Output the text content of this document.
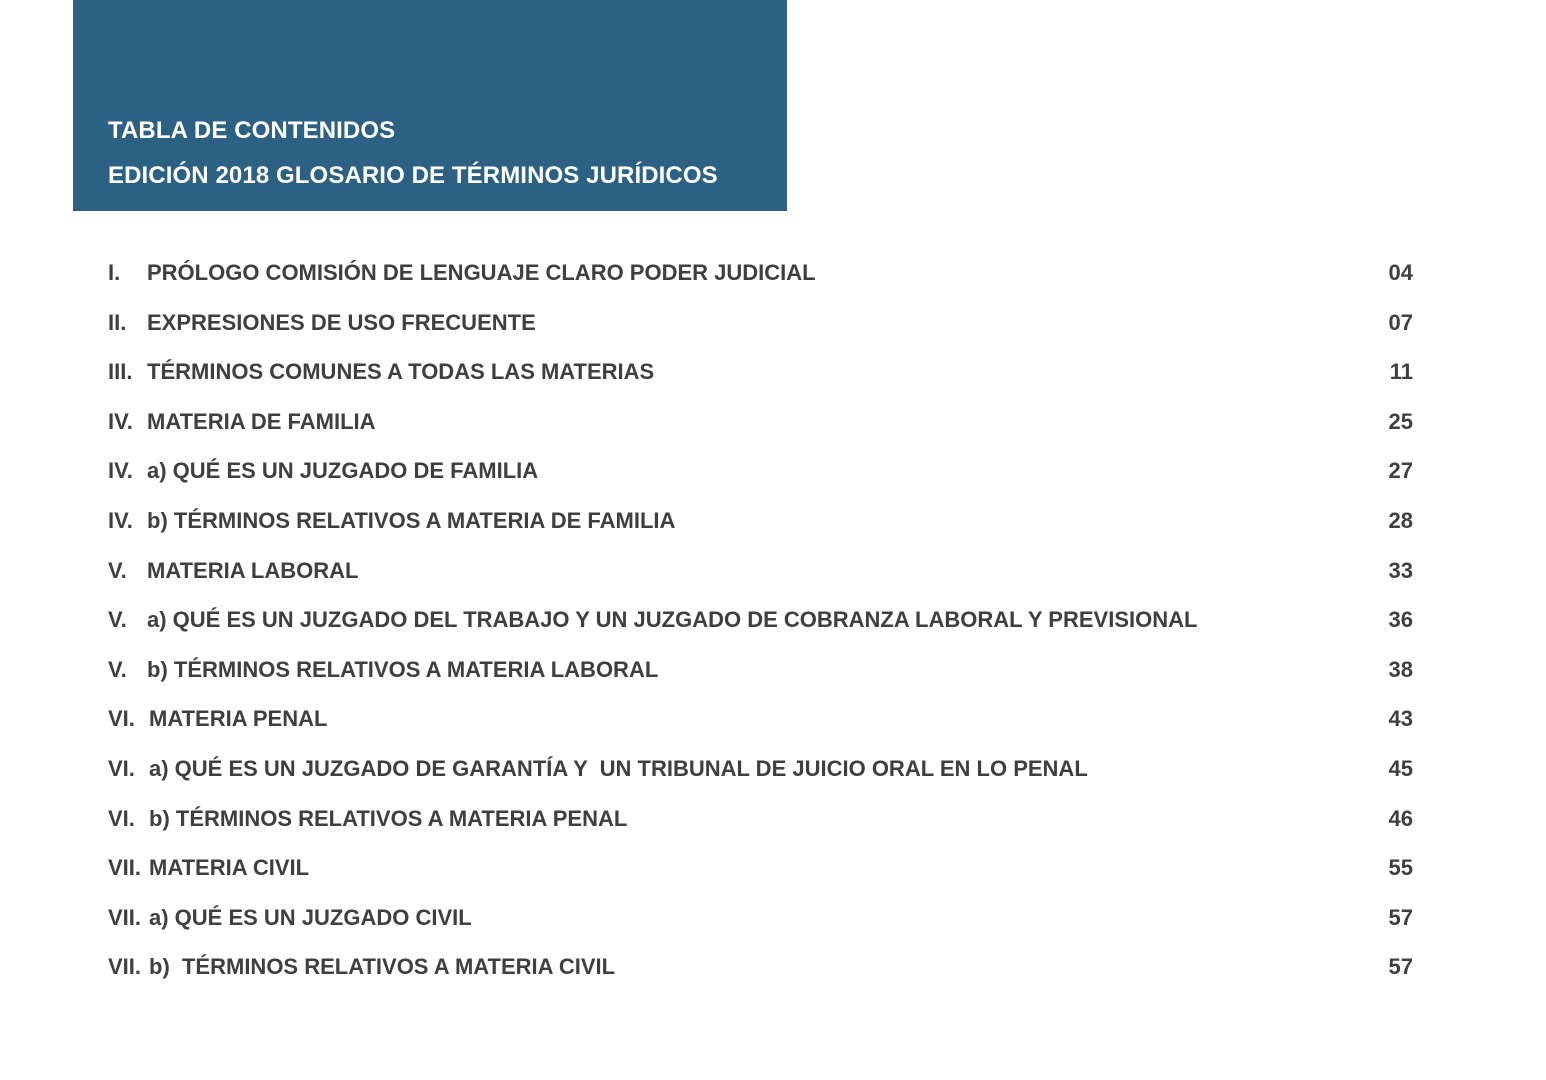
TABLA DE CONTENIDOS
EDICIÓN 2018 GLOSARIO DE TÉRMINOS JURÍDICOS
I. PRÓLOGO COMISIÓN DE LENGUAJE CLARO PODER JUDICIAL	04
II. EXPRESIONES DE USO FRECUENTE	07
III. TÉRMINOS COMUNES A TODAS LAS MATERIAS	11
IV. MATERIA DE FAMILIA	25
IV. a) QUÉ ES UN JUZGADO DE FAMILIA	27
IV. b) TÉRMINOS RELATIVOS A MATERIA DE FAMILIA	28
V. MATERIA LABORAL	33
V. a) QUÉ ES UN JUZGADO DEL TRABAJO Y UN JUZGADO DE COBRANZA LABORAL Y PREVISIONAL	36
V. b) TÉRMINOS RELATIVOS A MATERIA LABORAL	38
VI. MATERIA PENAL	43
VI. a) QUÉ ES UN JUZGADO DE GARANTÍA Y  UN TRIBUNAL DE JUICIO ORAL EN LO PENAL	45
VI. b) TÉRMINOS RELATIVOS A MATERIA PENAL	46
VII. MATERIA CIVIL	55
VII. a) QUÉ ES UN JUZGADO CIVIL	57
VII. b)  TÉRMINOS RELATIVOS A MATERIA CIVIL	57
